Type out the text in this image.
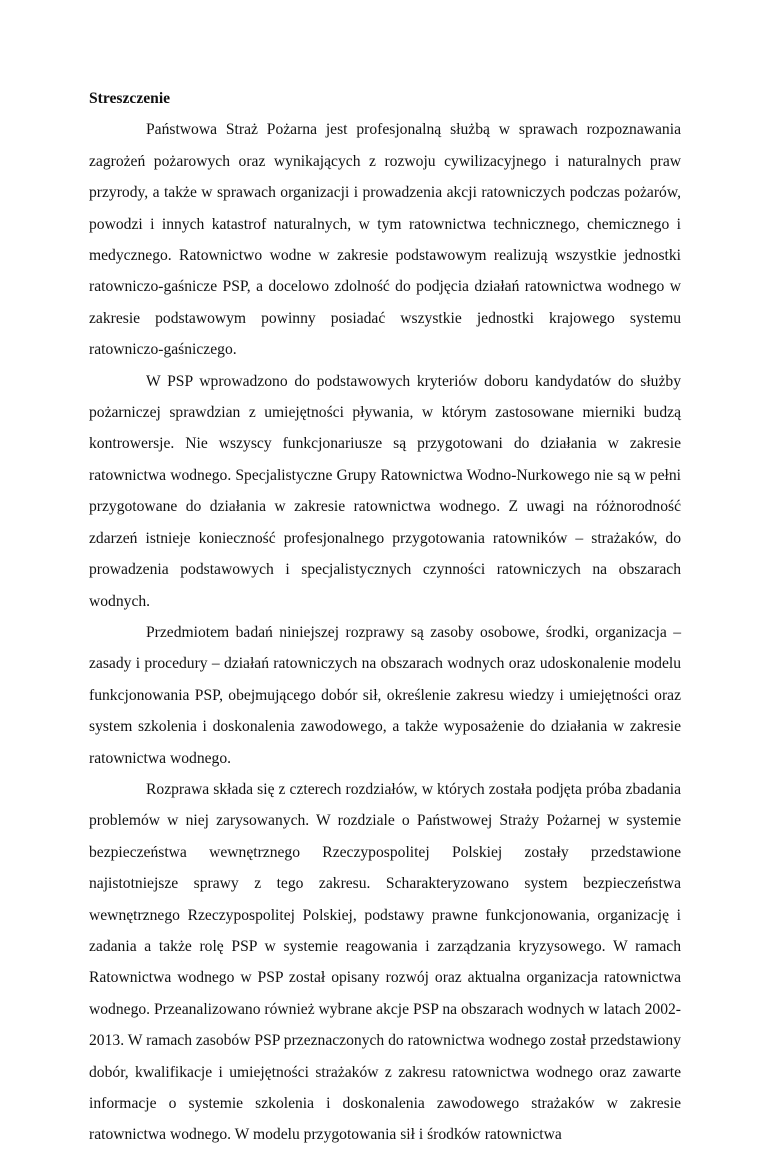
Streszczenie

Państwowa Straż Pożarna jest profesjonalną służbą w sprawach rozpoznawania zagrożeń pożarowych oraz wynikających z rozwoju cywilizacyjnego i naturalnych praw przyrody, a także w sprawach organizacji i prowadzenia akcji ratowniczych podczas pożarów, powodzi i innych katastrof naturalnych, w tym ratownictwa technicznego, chemicznego i medycznego. Ratownictwo wodne w zakresie podstawowym realizują wszystkie jednostki ratowniczo-gaśnicze PSP, a docelowo zdolność do podjęcia działań ratownictwa wodnego w zakresie podstawowym powinny posiadać wszystkie jednostki krajowego systemu ratowniczo-gaśniczego.

W PSP wprowadzono do podstawowych kryteriów doboru kandydatów do służby pożarniczej sprawdzian z umiejętności pływania, w którym zastosowane mierniki budzą kontrowersje. Nie wszyscy funkcjonariusze są przygotowani do działania w zakresie ratownictwa wodnego. Specjalistyczne Grupy Ratownictwa Wodno-Nurkowego nie są w pełni przygotowane do działania w zakresie ratownictwa wodnego. Z uwagi na różnorodność zdarzeń istnieje konieczność profesjonalnego przygotowania ratowników – strażaków, do prowadzenia podstawowych i specjalistycznych czynności ratowniczych na obszarach wodnych.

Przedmiotem badań niniejszej rozprawy są zasoby osobowe, środki, organizacja – zasady i procedury – działań ratowniczych na obszarach wodnych oraz udoskonalenie modelu funkcjonowania PSP, obejmującego dobór sił, określenie zakresu wiedzy i umiejętności oraz system szkolenia i doskonalenia zawodowego, a także wyposażenie do działania w zakresie ratownictwa wodnego.

Rozprawa składa się z czterech rozdziałów, w których została podjęta próba zbadania problemów w niej zarysowanych. W rozdziale o Państwowej Straży Pożarnej w systemie bezpieczeństwa wewnętrznego Rzeczypospolitej Polskiej zostały przedstawione najistotniejsze sprawy z tego zakresu. Scharakteryzowano system bezpieczeństwa wewnętrznego Rzeczypospolitej Polskiej, podstawy prawne funkcjonowania, organizację i zadania a także rolę PSP w systemie reagowania i zarządzania kryzysowego. W ramach Ratownictwa wodnego w PSP został opisany rozwój oraz aktualna organizacja ratownictwa wodnego. Przeanalizowano również wybrane akcje PSP na obszarach wodnych w latach 2002-2013. W ramach zasobów PSP przeznaczonych do ratownictwa wodnego został przedstawiony dobór, kwalifikacje i umiejętności strażaków z zakresu ratownictwa wodnego oraz zawarte informacje o systemie szkolenia i doskonalenia zawodowego strażaków w zakresie ratownictwa wodnego. W modelu przygotowania sił i środków ratownictwa
